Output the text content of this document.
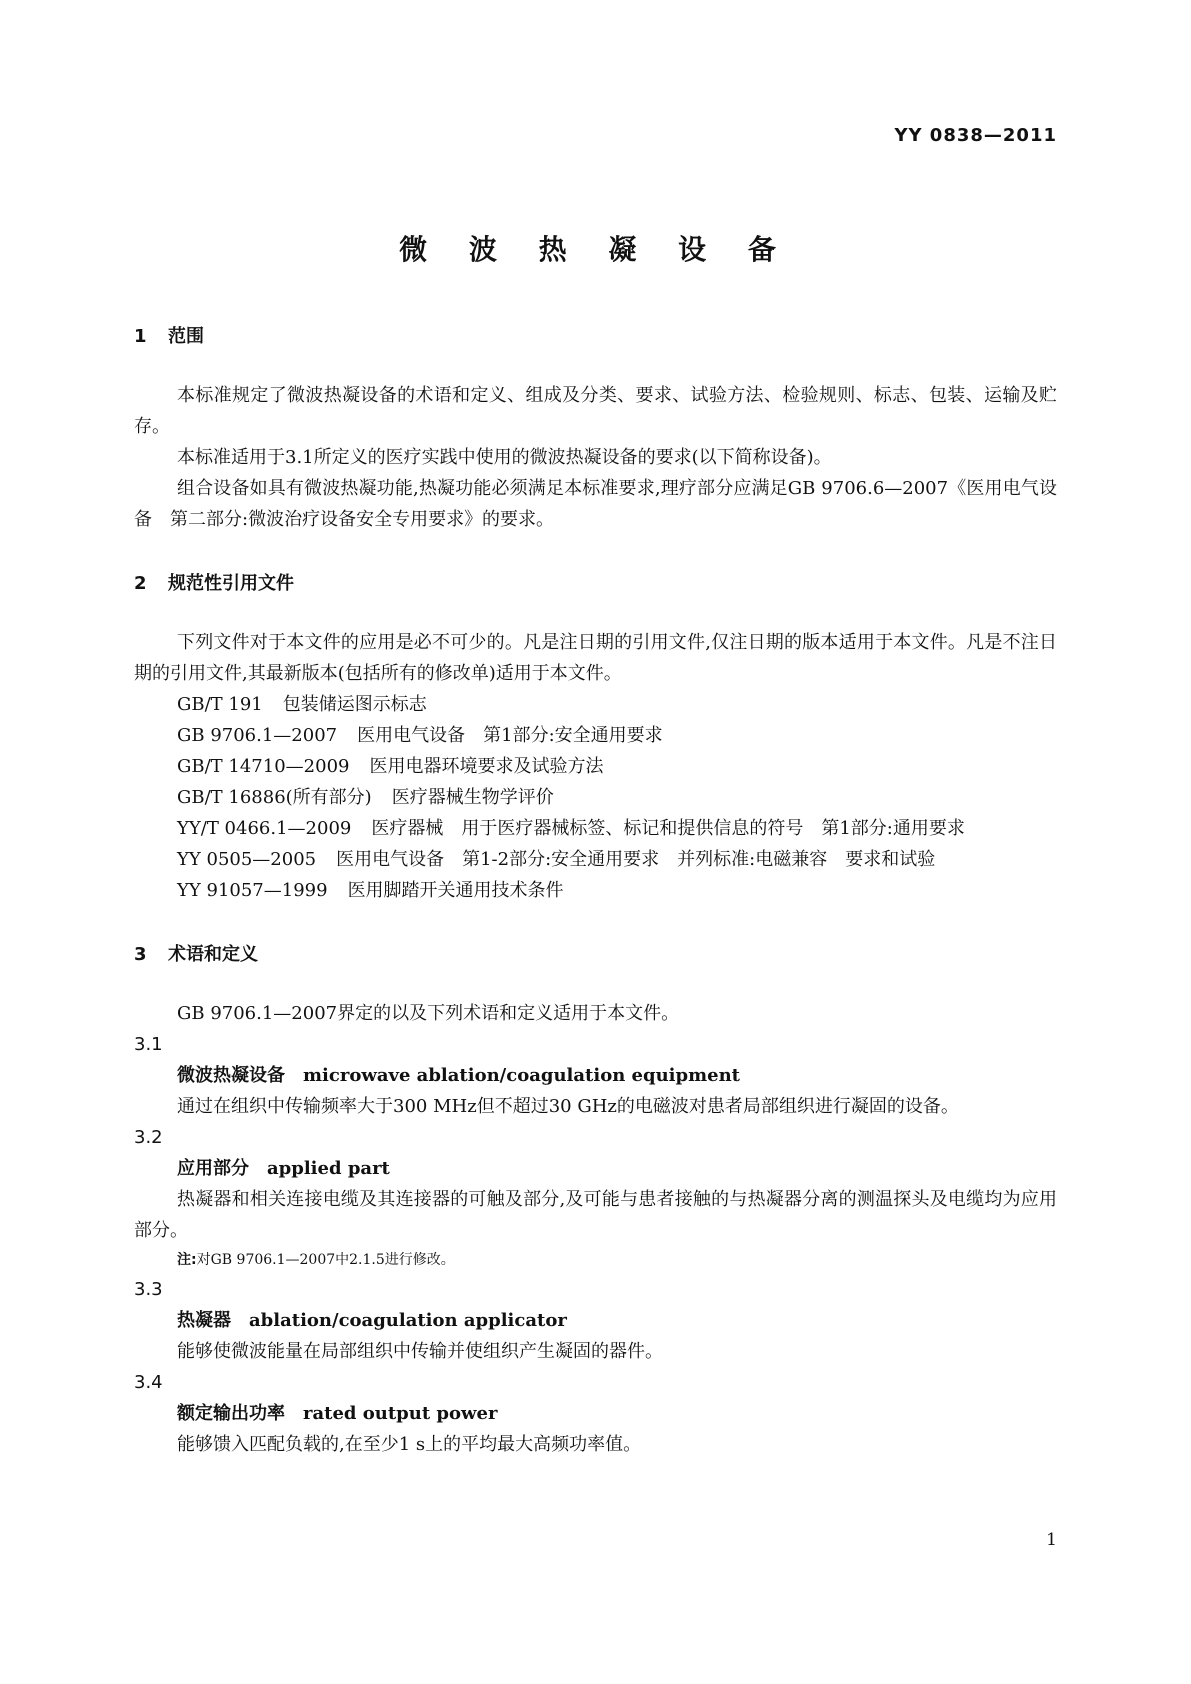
YY 0838—2011
微 波 热 凝 设 备
1 范围

本标准规定了微波热凝设备的术语和定义、组成及分类、要求、试验方法、检验规则、标志、包装、运输及贮存。

本标准适用于3.1所定义的医疗实践中使用的微波热凝设备的要求(以下简称设备)。

组合设备如具有微波热凝功能,热凝功能必须满足本标准要求,理疗部分应满足GB 9706.6—2007《医用电气设备　第二部分:微波治疗设备安全专用要求》的要求。

2 规范性引用文件

下列文件对于本文件的应用是必不可少的。凡是注日期的引用文件,仅注日期的版本适用于本文件。凡是不注日期的引用文件,其最新版本(包括所有的修改单)适用于本文件。

GB/T 191 包装储运图示标志

GB 9706.1—2007 医用电气设备　第1部分:安全通用要求

GB/T 14710—2009 医用电器环境要求及试验方法

GB/T 16886(所有部分) 医疗器械生物学评价

YY/T 0466.1—2009 医疗器械　用于医疗器械标签、标记和提供信息的符号　第1部分:通用要求

YY 0505—2005 医用电气设备　第1-2部分:安全通用要求　并列标准:电磁兼容　要求和试验

YY 91057—1999 医用脚踏开关通用技术条件

3 术语和定义

GB 9706.1—2007界定的以及下列术语和定义适用于本文件。

3.1
微波热凝设备 microwave ablation/coagulation equipment

通过在组织中传输频率大于300 MHz但不超过30 GHz的电磁波对患者局部组织进行凝固的设备。

3.2
应用部分 applied part

热凝器和相关连接电缆及其连接器的可触及部分,及可能与患者接触的与热凝器分离的测温探头及电缆均为应用部分。

注:对GB 9706.1—2007中2.1.5进行修改。
3.3
热凝器 ablation/coagulation applicator

能够使微波能量在局部组织中传输并使组织产生凝固的器件。

3.4
额定输出功率 rated output power

能够馈入匹配负载的,在至少1 s上的平均最大高频功率值。

1
